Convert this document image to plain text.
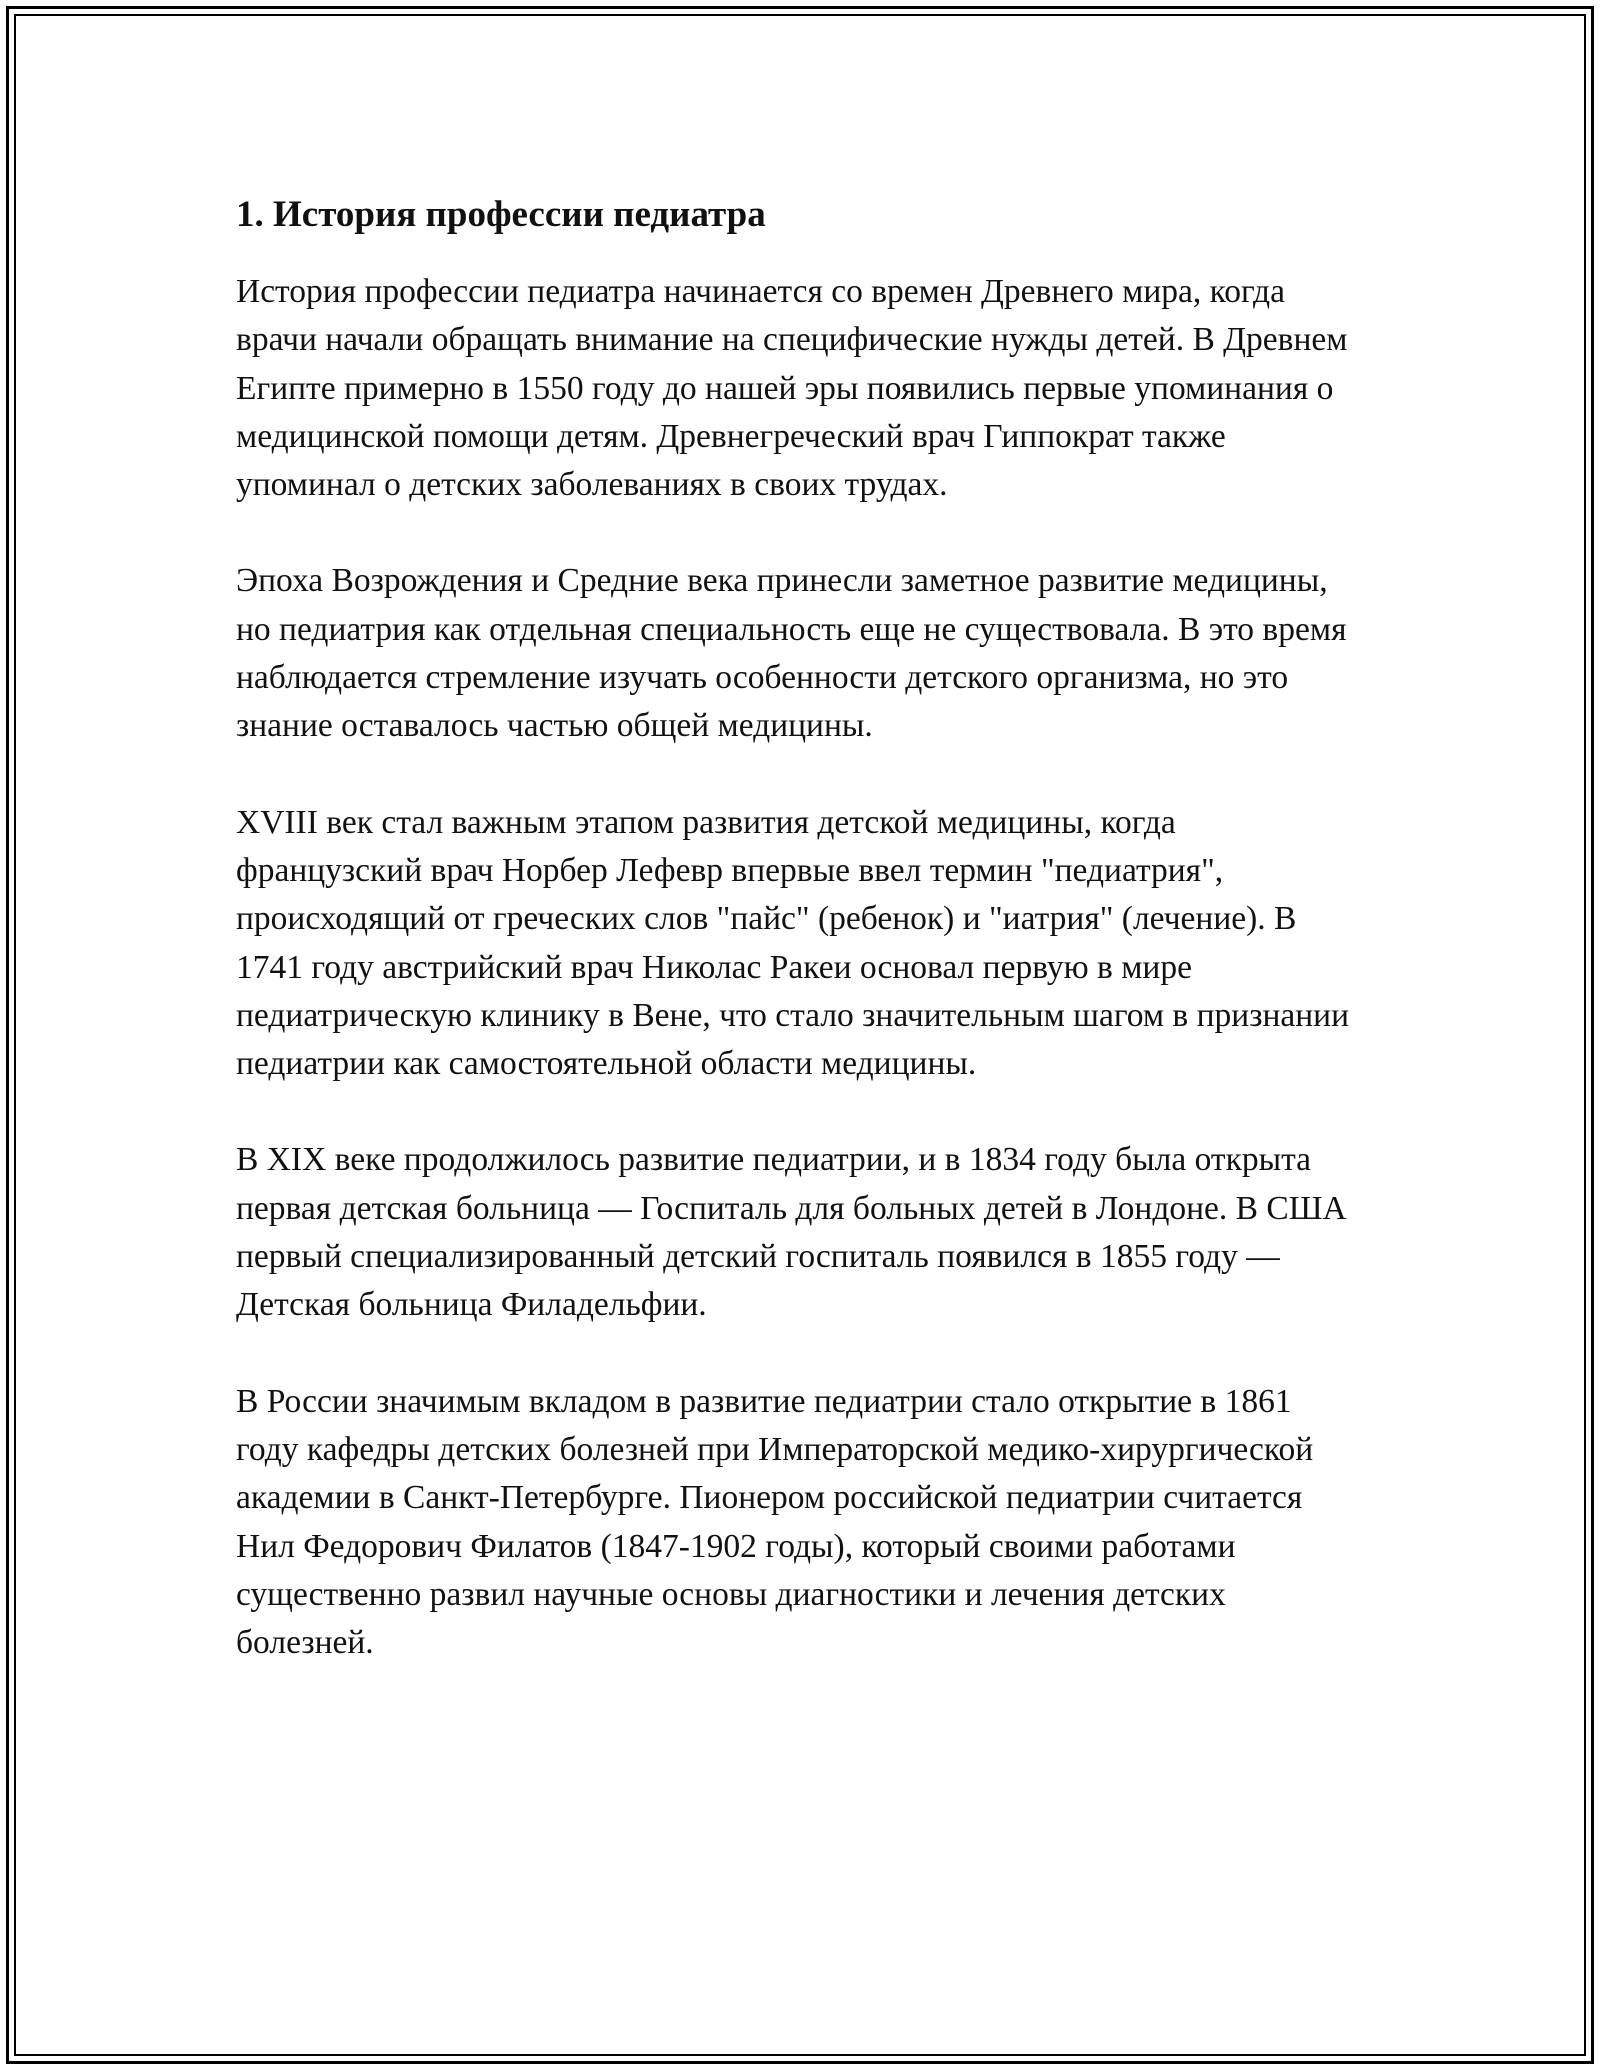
1. История профессии педиатра

История профессии педиатра начинается со времен Древнего мира, когда врачи начали обращать внимание на специфические нужды детей. В Древнем Египте примерно в 1550 году до нашей эры появились первые упоминания о медицинской помощи детям. Древнегреческий врач Гиппократ также упоминал о детских заболеваниях в своих трудах.

Эпоха Возрождения и Средние века принесли заметное развитие медицины, но педиатрия как отдельная специальность еще не существовала. В это время наблюдается стремление изучать особенности детского организма, но это знание оставалось частью общей медицины.

XVIII век стал важным этапом развития детской медицины, когда французский врач Норбер Лефевр впервые ввел термин "педиатрия", происходящий от греческих слов "пайс" (ребенок) и "иатрия" (лечение). В 1741 году австрийский врач Николас Ракеи основал первую в мире педиатрическую клинику в Вене, что стало значительным шагом в признании педиатрии как самостоятельной области медицины.

В XIX веке продолжилось развитие педиатрии, и в 1834 году была открыта первая детская больница — Госпиталь для больных детей в Лондоне. В США первый специализированный детский госпиталь появился в 1855 году — Детская больница Филадельфии.

В России значимым вкладом в развитие педиатрии стало открытие в 1861 году кафедры детских болезней при Императорской медико-хирургической академии в Санкт-Петербурге. Пионером российской педиатрии считается Нил Федорович Филатов (1847-1902 годы), который своими работами существенно развил научные основы диагностики и лечения детских болезней.
